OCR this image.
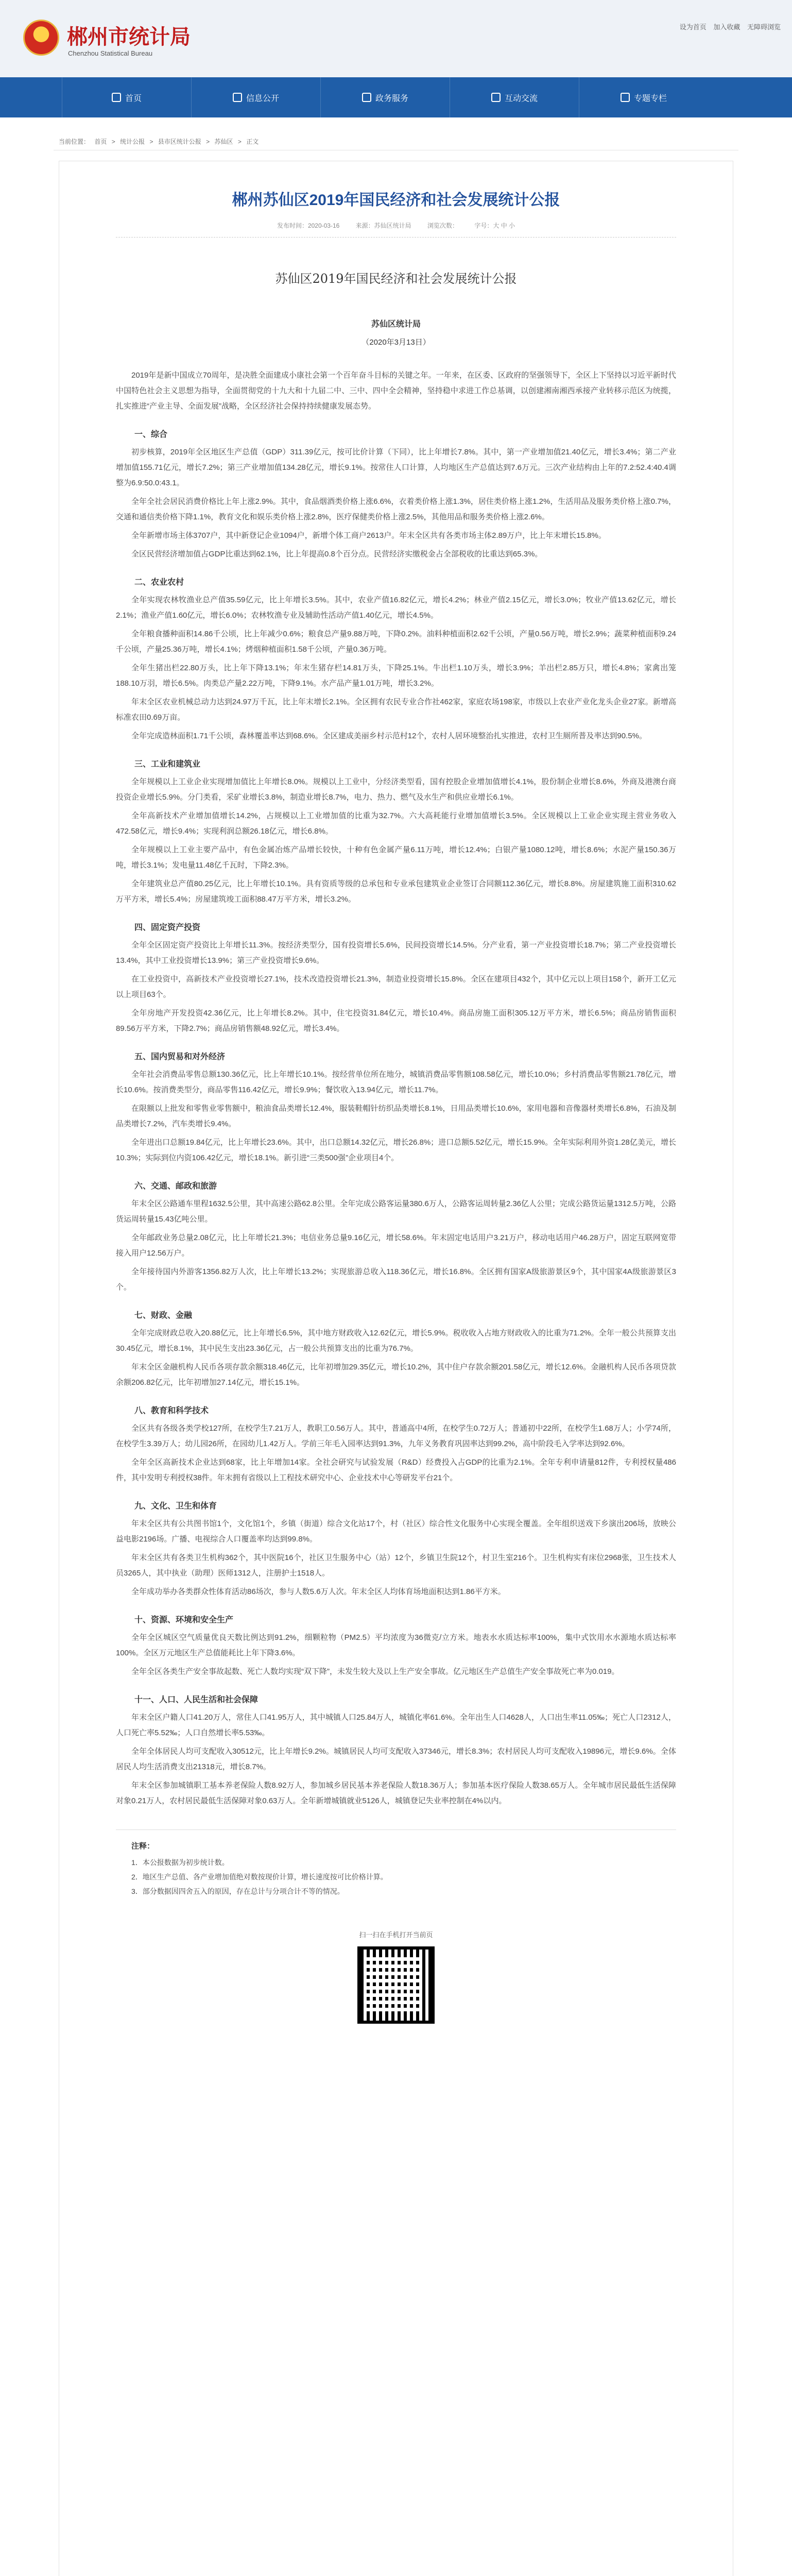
郴州市统计局
Chenzhou Statistical Bureau
设为首页 加入收藏 无障碍浏览
首页	信息公开	政务服务	互动交流	专题专栏
当前位置： 首页 > 统计公报 > 县市区统计公报 > 苏仙区 > 正文
郴州苏仙区2019年国民经济和社会发展统计公报
发布时间：2020-03-16	来源：苏仙区统计局	浏览次数：	字号：大 中 小
苏仙区2019年国民经济和社会发展统计公报
苏仙区统计局
（2020年3月13日）

2019年是新中国成立70周年，是决胜全面建成小康社会第一个百年奋斗目标的关键之年。一年来，在区委、区政府的坚强领导下，全区上下坚持以习近平新时代中国特色社会主义思想为指导，全面贯彻党的十九大和十九届二中、三中、四中全会精神，坚持稳中求进工作总基调，以创建湘南湘西承接产业转移示范区为统揽，扎实推进“产业主导、全面发展”战略，全区经济社会保持持续健康发展态势。

一、综合

初步核算，2019年全区地区生产总值（GDP）311.39亿元，按可比价计算（下同），比上年增长7.8%。其中，第一产业增加值21.40亿元，增长3.4%；第二产业增加值155.71亿元，增长7.2%；第三产业增加值134.28亿元，增长9.1%。按常住人口计算，人均地区生产总值达到7.6万元。三次产业结构由上年的7.2:52.4:40.4调整为6.9:50.0:43.1。

全年全社会居民消费价格比上年上涨2.9%。其中，食品烟酒类价格上涨6.6%，衣着类价格上涨1.3%，居住类价格上涨1.2%，生活用品及服务类价格上涨0.7%，交通和通信类价格下降1.1%，教育文化和娱乐类价格上涨2.8%，医疗保健类价格上涨2.5%，其他用品和服务类价格上涨2.6%。

全年新增市场主体3707户，其中新登记企业1094户，新增个体工商户2613户。年末全区共有各类市场主体2.89万户，比上年末增长15.8%。

全区民营经济增加值占GDP比重达到62.1%，比上年提高0.8个百分点。民营经济实缴税金占全部税收的比重达到65.3%。

二、农业农村

全年实现农林牧渔业总产值35.59亿元，比上年增长3.5%。其中，农业产值16.82亿元，增长4.2%；林业产值2.15亿元，增长3.0%；牧业产值13.62亿元，增长2.1%；渔业产值1.60亿元，增长6.0%；农林牧渔专业及辅助性活动产值1.40亿元，增长4.5%。

全年粮食播种面积14.86千公顷，比上年减少0.6%；粮食总产量9.88万吨，下降0.2%。油料种植面积2.62千公顷，产量0.56万吨，增长2.9%；蔬菜种植面积9.24千公顷，产量25.36万吨，增长4.1%；烤烟种植面积1.58千公顷，产量0.36万吨。

全年生猪出栏22.80万头，比上年下降13.1%；年末生猪存栏14.81万头，下降25.1%。牛出栏1.10万头，增长3.9%；羊出栏2.85万只，增长4.8%；家禽出笼188.10万羽，增长6.5%。肉类总产量2.22万吨，下降9.1%。水产品产量1.01万吨，增长3.2%。

年末全区农业机械总动力达到24.97万千瓦，比上年末增长2.1%。全区拥有农民专业合作社462家，家庭农场198家，市级以上农业产业化龙头企业27家。新增高标准农田0.69万亩。

全年完成造林面积1.71千公顷，森林覆盖率达到68.6%。全区建成美丽乡村示范村12个，农村人居环境整治扎实推进，农村卫生厕所普及率达到90.5%。

三、工业和建筑业

全年规模以上工业企业实现增加值比上年增长8.0%。规模以上工业中，分经济类型看，国有控股企业增加值增长4.1%，股份制企业增长8.6%，外商及港澳台商投资企业增长5.9%。分门类看，采矿业增长3.8%，制造业增长8.7%，电力、热力、燃气及水生产和供应业增长6.1%。

全年高新技术产业增加值增长14.2%，占规模以上工业增加值的比重为32.7%。六大高耗能行业增加值增长3.5%。全区规模以上工业企业实现主营业务收入472.58亿元，增长9.4%；实现利润总额26.18亿元，增长6.8%。

全年规模以上工业主要产品中，有色金属冶炼产品增长较快，十种有色金属产量6.11万吨，增长12.4%；白银产量1080.12吨，增长8.6%；水泥产量150.36万吨，增长3.1%；发电量11.48亿千瓦时，下降2.3%。

全年建筑业总产值80.25亿元，比上年增长10.1%。具有资质等级的总承包和专业承包建筑业企业签订合同额112.36亿元，增长8.8%。房屋建筑施工面积310.62万平方米，增长5.4%；房屋建筑竣工面积88.47万平方米，增长3.2%。

四、固定资产投资

全年全区固定资产投资比上年增长11.3%。按经济类型分，国有投资增长5.6%，民间投资增长14.5%。分产业看，第一产业投资增长18.7%；第二产业投资增长13.4%，其中工业投资增长13.9%；第三产业投资增长9.6%。

在工业投资中，高新技术产业投资增长27.1%，技术改造投资增长21.3%，制造业投资增长15.8%。全区在建项目432个，其中亿元以上项目158个，新开工亿元以上项目63个。

全年房地产开发投资42.36亿元，比上年增长8.2%。其中，住宅投资31.84亿元，增长10.4%。商品房施工面积305.12万平方米，增长6.5%；商品房销售面积89.56万平方米，下降2.7%；商品房销售额48.92亿元，增长3.4%。

五、国内贸易和对外经济

全年社会消费品零售总额130.36亿元，比上年增长10.1%。按经营单位所在地分，城镇消费品零售额108.58亿元，增长10.0%；乡村消费品零售额21.78亿元，增长10.6%。按消费类型分，商品零售116.42亿元，增长9.9%；餐饮收入13.94亿元，增长11.7%。

在限额以上批发和零售业零售额中，粮油食品类增长12.4%，服装鞋帽针纺织品类增长8.1%，日用品类增长10.6%，家用电器和音像器材类增长6.8%，石油及制品类增长7.2%，汽车类增长9.4%。

全年进出口总额19.84亿元，比上年增长23.6%。其中，出口总额14.32亿元，增长26.8%；进口总额5.52亿元，增长15.9%。全年实际利用外资1.28亿美元，增长10.3%；实际到位内资106.42亿元，增长18.1%。新引进“三类500强”企业项目4个。

六、交通、邮政和旅游

年末全区公路通车里程1632.5公里，其中高速公路62.8公里。全年完成公路客运量380.6万人，公路客运周转量2.36亿人公里；完成公路货运量1312.5万吨，公路货运周转量15.43亿吨公里。

全年邮政业务总量2.08亿元，比上年增长21.3%；电信业务总量9.16亿元，增长58.6%。年末固定电话用户3.21万户，移动电话用户46.28万户，固定互联网宽带接入用户12.56万户。

全年接待国内外游客1356.82万人次，比上年增长13.2%；实现旅游总收入118.36亿元，增长16.8%。全区拥有国家A级旅游景区9个，其中国家4A级旅游景区3个。

七、财政、金融

全年完成财政总收入20.88亿元，比上年增长6.5%，其中地方财政收入12.62亿元，增长5.9%。税收收入占地方财政收入的比重为71.2%。全年一般公共预算支出30.45亿元，增长8.1%，其中民生支出23.36亿元，占一般公共预算支出的比重为76.7%。

年末全区金融机构人民币各项存款余额318.46亿元，比年初增加29.35亿元，增长10.2%，其中住户存款余额201.58亿元，增长12.6%。金融机构人民币各项贷款余额206.82亿元，比年初增加27.14亿元，增长15.1%。

八、教育和科学技术

全区共有各级各类学校127所，在校学生7.21万人，教职工0.56万人。其中，普通高中4所，在校学生0.72万人；普通初中22所，在校学生1.68万人；小学74所，在校学生3.39万人；幼儿园26所，在园幼儿1.42万人。学前三年毛入园率达到91.3%，九年义务教育巩固率达到99.2%，高中阶段毛入学率达到92.6%。

全年全区高新技术企业达到68家，比上年增加14家。全社会研究与试验发展（R&D）经费投入占GDP的比重为2.1%。全年专利申请量812件，专利授权量486件，其中发明专利授权38件。年末拥有省级以上工程技术研究中心、企业技术中心等研发平台21个。

九、文化、卫生和体育

年末全区共有公共图书馆1个，文化馆1个，乡镇（街道）综合文化站17个，村（社区）综合性文化服务中心实现全覆盖。全年组织送戏下乡演出206场，放映公益电影2196场。广播、电视综合人口覆盖率均达到99.8%。

年末全区共有各类卫生机构362个，其中医院16个，社区卫生服务中心（站）12个，乡镇卫生院12个，村卫生室216个。卫生机构实有床位2968张，卫生技术人员3265人，其中执业（助理）医师1312人，注册护士1518人。

全年成功举办各类群众性体育活动86场次，参与人数5.6万人次。年末全区人均体育场地面积达到1.86平方米。

十、资源、环境和安全生产

全年全区城区空气质量优良天数比例达到91.2%，细颗粒物（PM2.5）平均浓度为36微克/立方米。地表水水质达标率100%，集中式饮用水水源地水质达标率100%。全区万元地区生产总值能耗比上年下降3.6%。

全年全区各类生产安全事故起数、死亡人数均实现“双下降”，未发生较大及以上生产安全事故。亿元地区生产总值生产安全事故死亡率为0.019。

十一、人口、人民生活和社会保障

年末全区户籍人口41.20万人，常住人口41.95万人，其中城镇人口25.84万人，城镇化率61.6%。全年出生人口4628人，人口出生率11.05‰；死亡人口2312人，人口死亡率5.52‰；人口自然增长率5.53‰。

全年全体居民人均可支配收入30512元，比上年增长9.2%。城镇居民人均可支配收入37346元，增长8.3%；农村居民人均可支配收入19896元，增长9.6%。全体居民人均生活消费支出21318元，增长8.7%。

年末全区参加城镇职工基本养老保险人数8.92万人，参加城乡居民基本养老保险人数18.36万人；参加基本医疗保险人数38.65万人。全年城市居民最低生活保障对象0.21万人，农村居民最低生活保障对象0.63万人。全年新增城镇就业5126人，城镇登记失业率控制在4%以内。

注释：
1．本公报数据为初步统计数。
2．地区生产总值、各产业增加值绝对数按现价计算，增长速度按可比价格计算。
3．部分数据因四舍五入的原因，存在总计与分项合计不等的情况。
扫一扫在手机打开当前页
